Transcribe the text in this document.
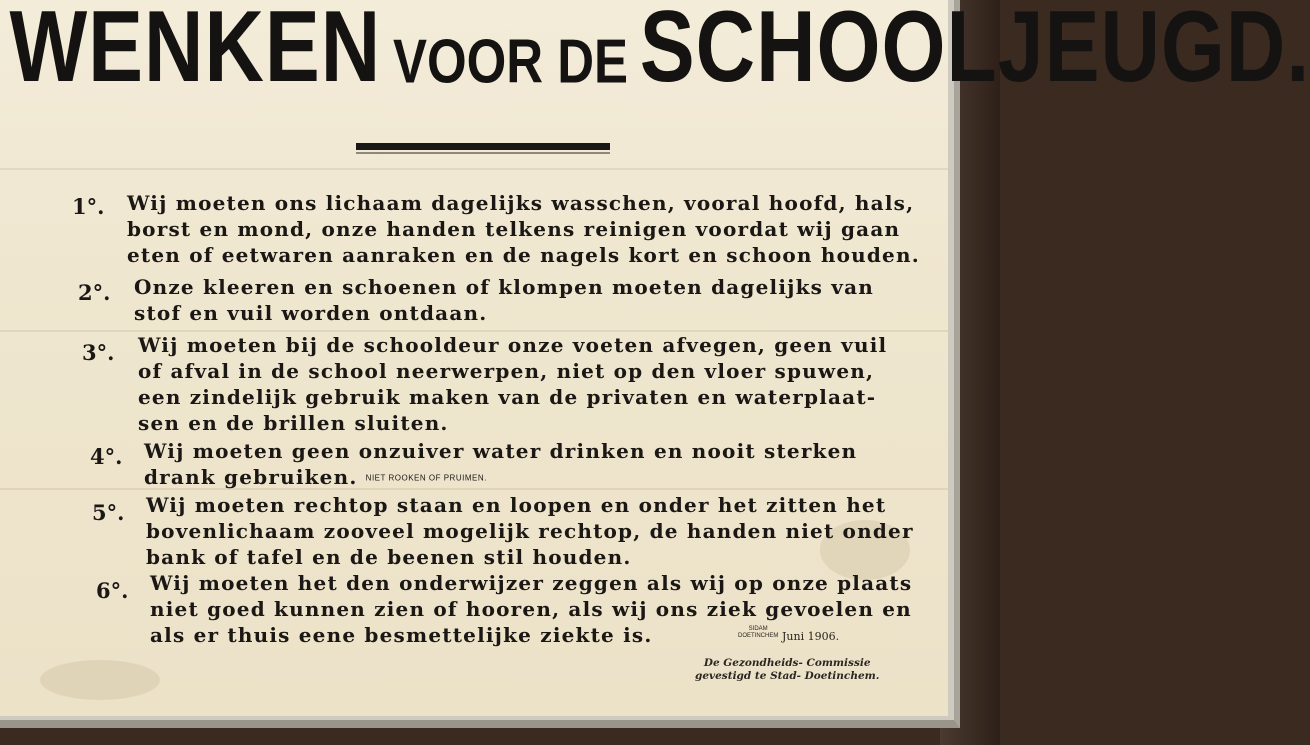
WENKEN VOOR DE SCHOOLJEUGD.
1°. Wij moeten ons lichaam dagelijks wasschen, vooral hoofd, hals,
borst en mond, onze handen telkens reinigen voordat wij gaan
eten of eetwaren aanraken en de nagels kort en schoon houden.
2°. Onze kleeren en schoenen of klompen moeten dagelijks van
stof en vuil worden ontdaan.
3°. Wij moeten bij de schooldeur onze voeten afvegen, geen vuil
of afval in de school neerwerpen, niet op den vloer spuwen,
een zindelijk gebruik maken van de privaten en waterplaat-
sen en de brillen sluiten.
4°. Wij moeten geen onzuiver water drinken en nooit sterken
drank gebruiken. NIET ROOKEN OF PRUIMEN.
5°. Wij moeten rechtop staan en loopen en onder het zitten het
bovenlichaam zooveel mogelijk rechtop, de handen niet onder
bank of tafel en de beenen stil houden.
6°. Wij moeten het den onderwijzer zeggen als wij op onze plaats
niet goed kunnen zien of hooren, als wij ons ziek gevoelen en
als er thuis eene besmettelijke ziekte is.	SIDAM
DOETINCHEM Juni 1906.
De Gezondheids- Commissie
gevestigd te Stad- Doetinchem.
